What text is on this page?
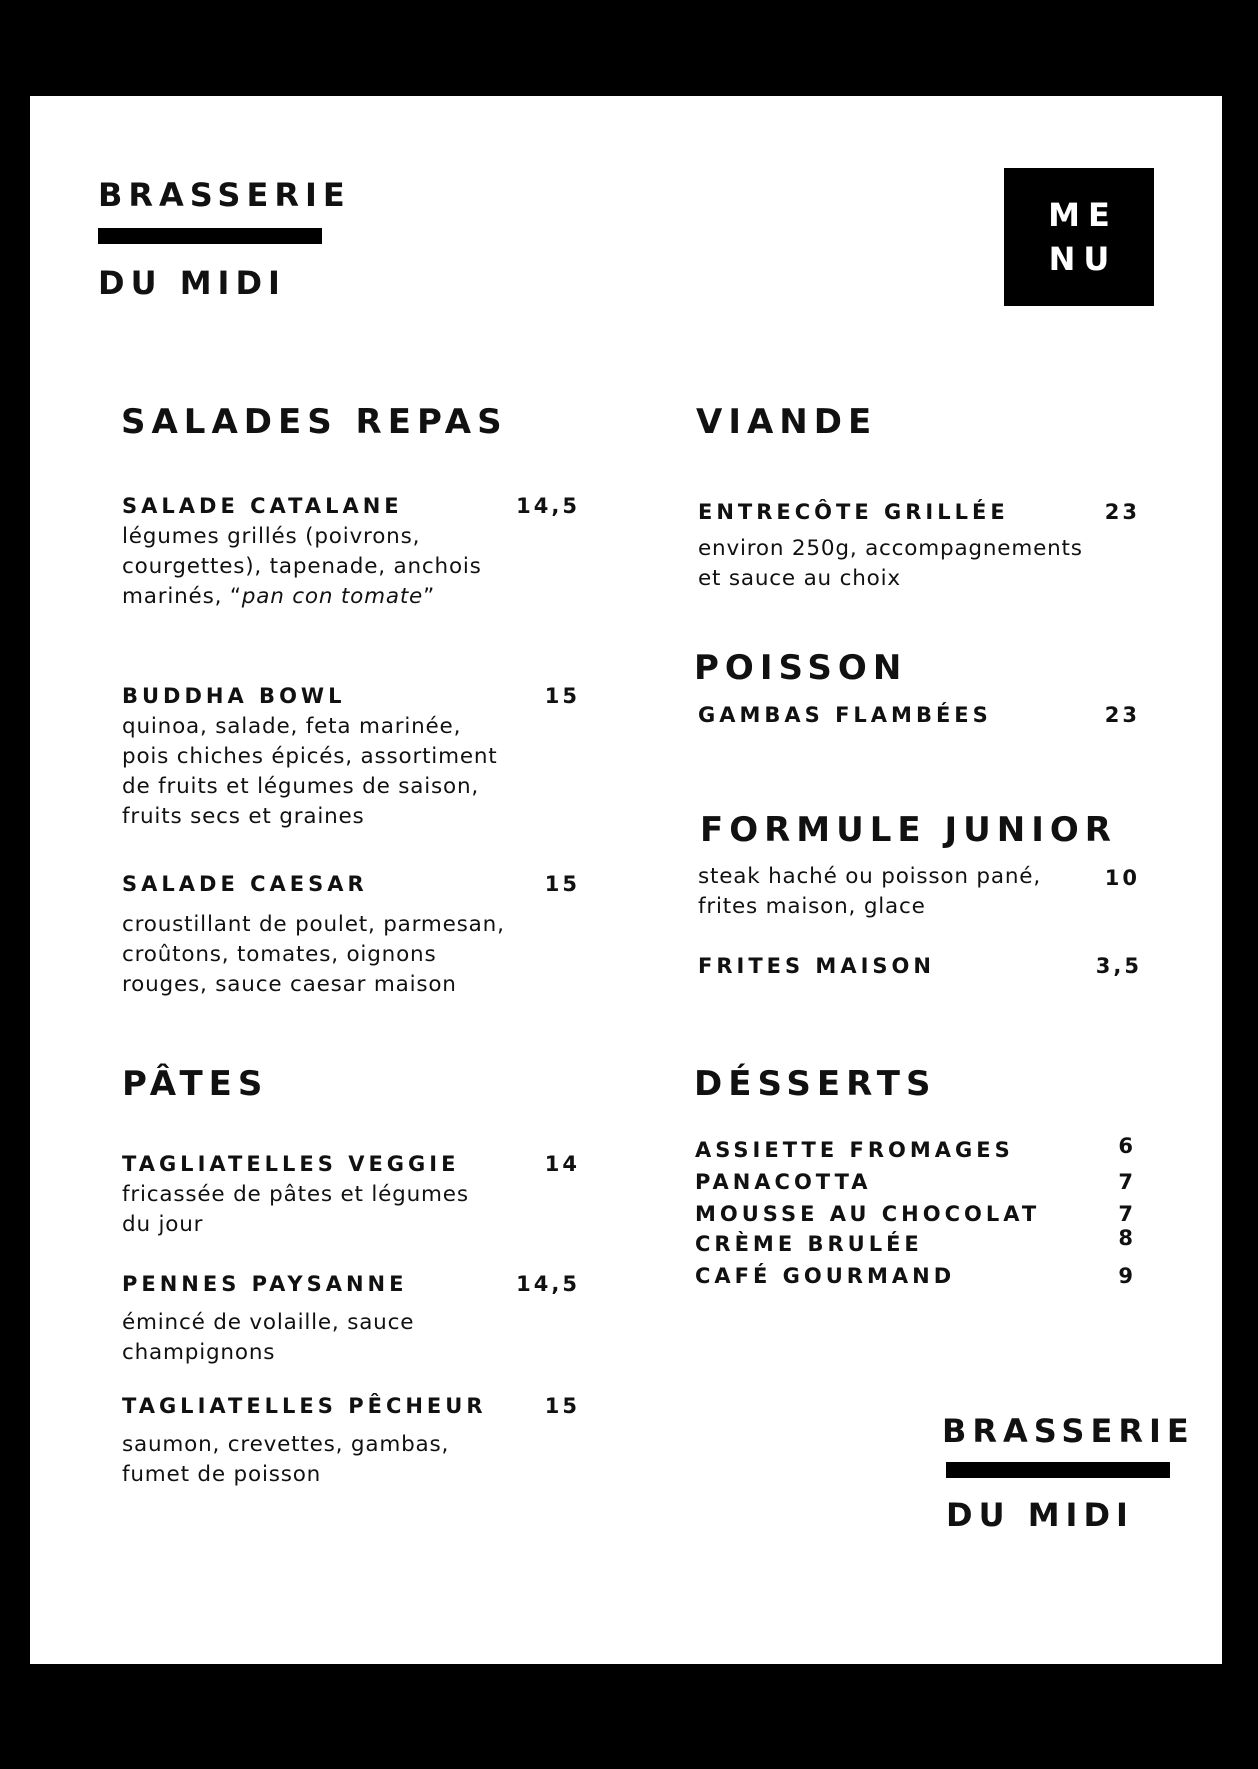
BRASSERIE
DU MIDI
ME
NU
SALADES REPAS
SALADE CATALANE	14,5
légumes grillés (poivrons, courgettes), tapenade, anchois marinés, “pan con tomate”
BUDDHA BOWL	15
quinoa, salade, feta marinée, pois chiches épicés, assortiment de fruits et légumes de saison, fruits secs et graines
SALADE CAESAR	15
croustillant de poulet, parmesan, croûtons, tomates, oignons rouges, sauce caesar maison
PÂTES
TAGLIATELLES VEGGIE	14
fricassée de pâtes et légumes du jour
PENNES PAYSANNE	14,5
émincé de volaille, sauce champignons
TAGLIATELLES PÊCHEUR	15
saumon, crevettes, gambas, fumet de poisson
VIANDE
ENTRECÔTE GRILLÉE	23
environ 250g, accompagnements et sauce au choix
POISSON
GAMBAS FLAMBÉES	23
FORMULE JUNIOR
steak haché ou poisson pané, frites maison, glace
10
FRITES MAISON	3,5
DÉSSERTS
ASSIETTE FROMAGES	6
PANACOTTA	7
MOUSSE AU CHOCOLAT	7
CRÈME BRULÉE	8
CAFÉ GOURMAND	9
BRASSERIE
DU MIDI
